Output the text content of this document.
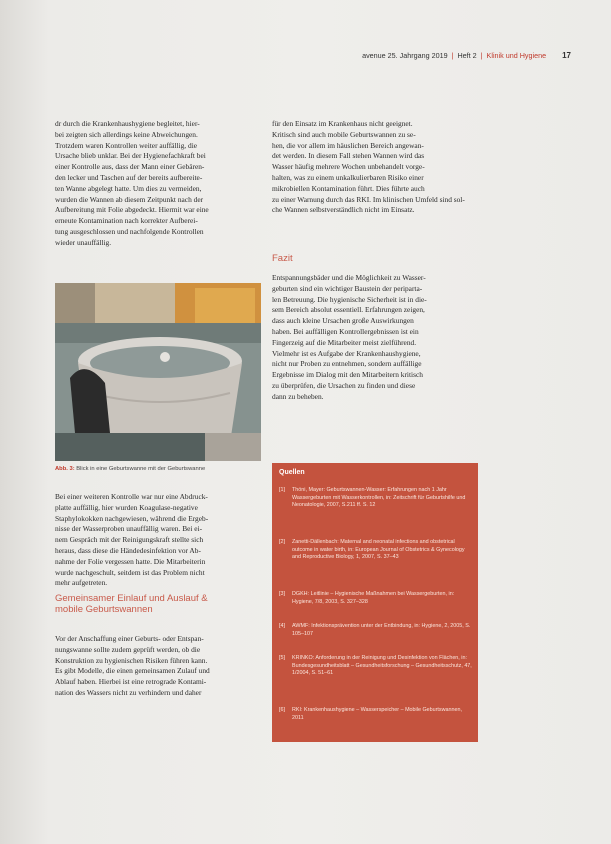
avenue 25. Jahrgang 2019 | Heft 2 | Klinik und Hygiene 17

dr durch die Krankenhaushygiene begleitet, hier-

bei zeigten sich allerdings keine Abweichungen.

Trotzdem waren Kontrollen weiter auffällig, die

Ursache blieb unklar. Bei der Hygienefachkraft bei

einer Kontrolle aus, dass der Mann einer Gebären-

den lecker und Taschen auf der bereits aufbereite-

ten Wanne abgelegt hatte. Um dies zu vermeiden,

wurden die Wannen ab diesem Zeitpunkt nach der

Aufbereitung mit Folie abgedeckt. Hiermit war eine

erneute Kontamination nach korrekter Aufberei-

tung ausgeschlossen und nachfolgende Kontrollen

wieder unauffällig.

Abb. 3: Blick in eine Geburtswanne mit der Geburtswanne

Bei einer weiteren Kontrolle war nur eine Abdruck-

platte auffällig, hier wurden Koagulase-negative

Staphylokokken nachgewiesen, während die Ergeb-

nisse der Wasserproben unauffällig waren. Bei ei-

nem Gespräch mit der Reinigungskraft stellte sich

heraus, dass diese die Händedesinfektion vor Ab-

nahme der Folie vergessen hatte. Die Mitarbeiterin

wurde nachgeschult, seitdem ist das Problem nicht

mehr aufgetreten.

Gemeinsamer Einlauf und Auslauf &
mobile Geburtswannen

Vor der Anschaffung einer Geburts- oder Entspan-

nungswanne sollte zudem geprüft werden, ob die

Konstruktion zu hygienischen Risiken führen kann.

Es gibt Modelle, die einen gemeinsamen Zulauf und

Ablauf haben. Hierbei ist eine retrograde Kontami-

nation des Wassers nicht zu verhindern und daher

für den Einsatz im Krankenhaus nicht geeignet.

Kritisch sind auch mobile Geburtswannen zu se-

hen, die vor allem im häuslichen Bereich angewan-

det werden. In diesem Fall stehen Wannen wird das

Wasser häufig mehrere Wochen unbehandelt vorge-

halten, was zu einem unkalkulierbaren Risiko einer

mikrobiellen Kontamination führt. Dies führte auch

zu einer Warnung durch das RKI. Im klinischen Umfeld sind sol-

che Wannen selbstverständlich nicht im Einsatz.

Fazit

Entspannungsbäder und die Möglichkeit zu Wasser-

geburten sind ein wichtiger Baustein der periparta-

len Betreuung. Die hygienische Sicherheit ist in die-

sem Bereich absolut essentiell. Erfahrungen zeigen,

dass auch kleine Ursachen große Auswirkungen

haben. Bei auffälligen Kontrollergebnissen ist ein

Fingerzeig auf die Mitarbeiter meist zielführend.

Vielmehr ist es Aufgabe der Krankenhaushygiene,

nicht nur Proben zu entnehmen, sondern auffällige

Ergebnisse im Dialog mit den Mitarbeitern kritisch

zu überprüfen, die Ursachen zu finden und diese

dann zu beheben.

Quellen
[1]	Thöni, Mayer: Geburtswannen-Wasser: Erfahrungen nach 1 Jahr Wassergeburten mit Wasserkontrollen, in: Zeitschrift für Geburtshilfe und Neonatologie, 2007, S.211 ff. S. 12
[2]	Zanetti-Dällenbach: Maternal and neonatal infections and obstetrical outcome in water birth, in: European Journal of Obstetrics & Gynecology and Reproductive Biology, 1, 2007, S. 37–43
[3]	DGKH: Leitlinie – Hygienische Maßnahmen bei Wassergeburten, in: Hygiene, 7/8, 2003, S. 327–328
[4]	AWMF: Infektionsprävention unter der Entbindung, in: Hygiene, 2, 2005, S. 105–107
[5]	KRINKO: Anforderung in der Reinigung und Desinfektion von Flächen, in: Bundesgesundheitsblatt – Gesundheitsforschung – Gesundheitsschutz, 47, 1/2004, S. 51–61
[6]	RKI: Krankenhaushygiene – Wasserspeicher – Mobile Geburtswannen, 2011
